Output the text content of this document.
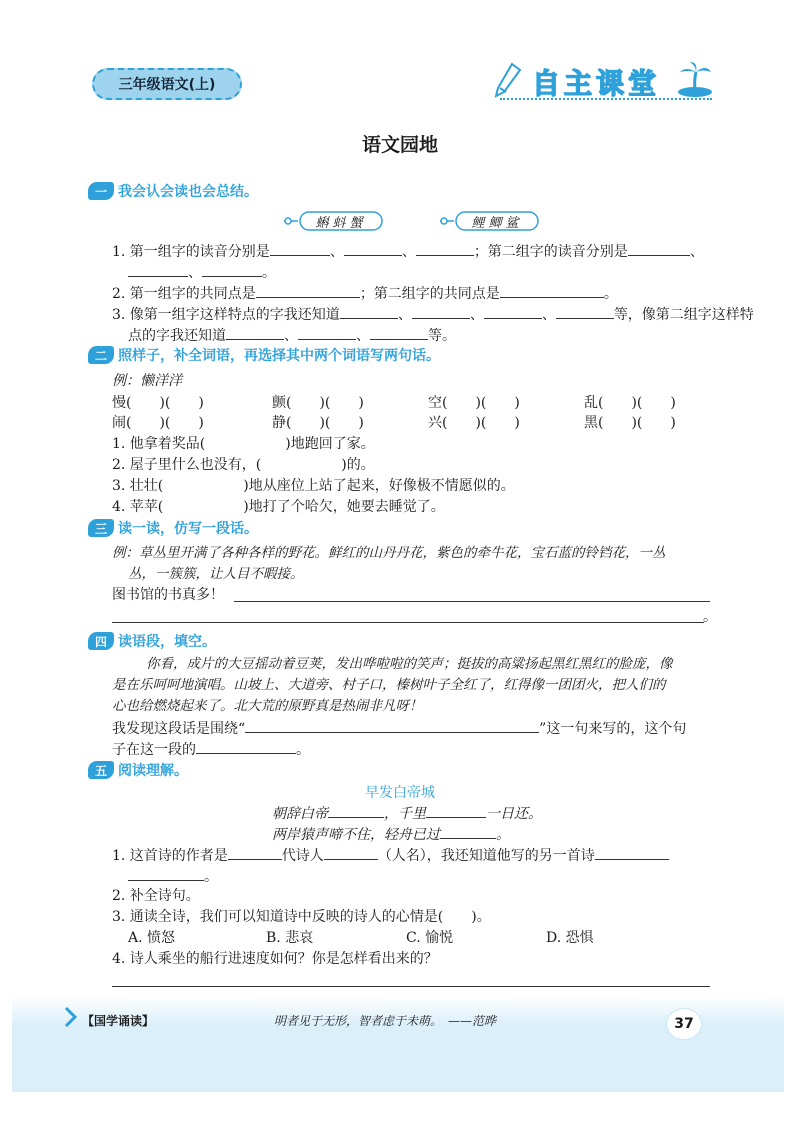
三年级语文(上)	自主课堂
语文园地
一 我会认会读也会总结。
蝌蚪蟹	鲤鲫鲨
1. 第一组字的读音分别是	、	、	；第二组字的读音分别是	、
、	。
2. 第一组字的共同点是	；第二组字的共同点是	。
3. 像第一组字这样特点的字我还知道	、	、	、	等，像第二组字这样特
点的字我还知道	、	、	等。
二 照样子，补全词语，再选择其中两个词语写两句话。
例：懒洋洋
慢(　　)(　　)	颤(　　)(　　)	空(　　)(　　)	乱(　　)(　　)
闹(　　)(　　)	静(　　)(　　)	兴(　　)(　　)	黑(　　)(　　)
1. 他拿着奖品(	)地跑回了家。
2. 屋子里什么也没有，(	)的。
3. 壮壮(	)地从座位上站了起来，好像极不情愿似的。
4. 苹苹(	)地打了个哈欠，她要去睡觉了。
三 读一读，仿写一段话。
例：草丛里开满了各种各样的野花。鲜红的山丹丹花，紫色的牵牛花，宝石蓝的铃铛花，一丛
丛，一簇簇，让人目不暇接。
图书馆的书真多！
。
四 读语段，填空。
你看，成片的大豆摇动着豆荚，发出哗啦啦的笑声；挺拔的高粱扬起黑红黑红的脸庞，像
是在乐呵呵地演唱。山坡上、大道旁、村子口，榛树叶子全红了，红得像一团团火，把人们的
心也给燃烧起来了。北大荒的原野真是热闹非凡呀！
我发现这段话是围绕“	”这一句来写的，这个句
子在这一段的	。
五 阅读理解。
早发白帝城
朝辞白帝	，千里	一日还。
两岸猿声啼不住，轻舟已过	。
1. 这首诗的作者是	代诗人	（人名），我还知道他写的另一首诗
。
2. 补全诗句。
3. 通读全诗，我们可以知道诗中反映的诗人的心情是(　　)。
A. 愤怒	B. 悲哀	C. 愉悦	D. 恐惧
4. 诗人乘坐的船行进速度如何？你是怎样看出来的？
【国学诵读】	明者见于无形，智者虑于未萌。　——范晔	37
